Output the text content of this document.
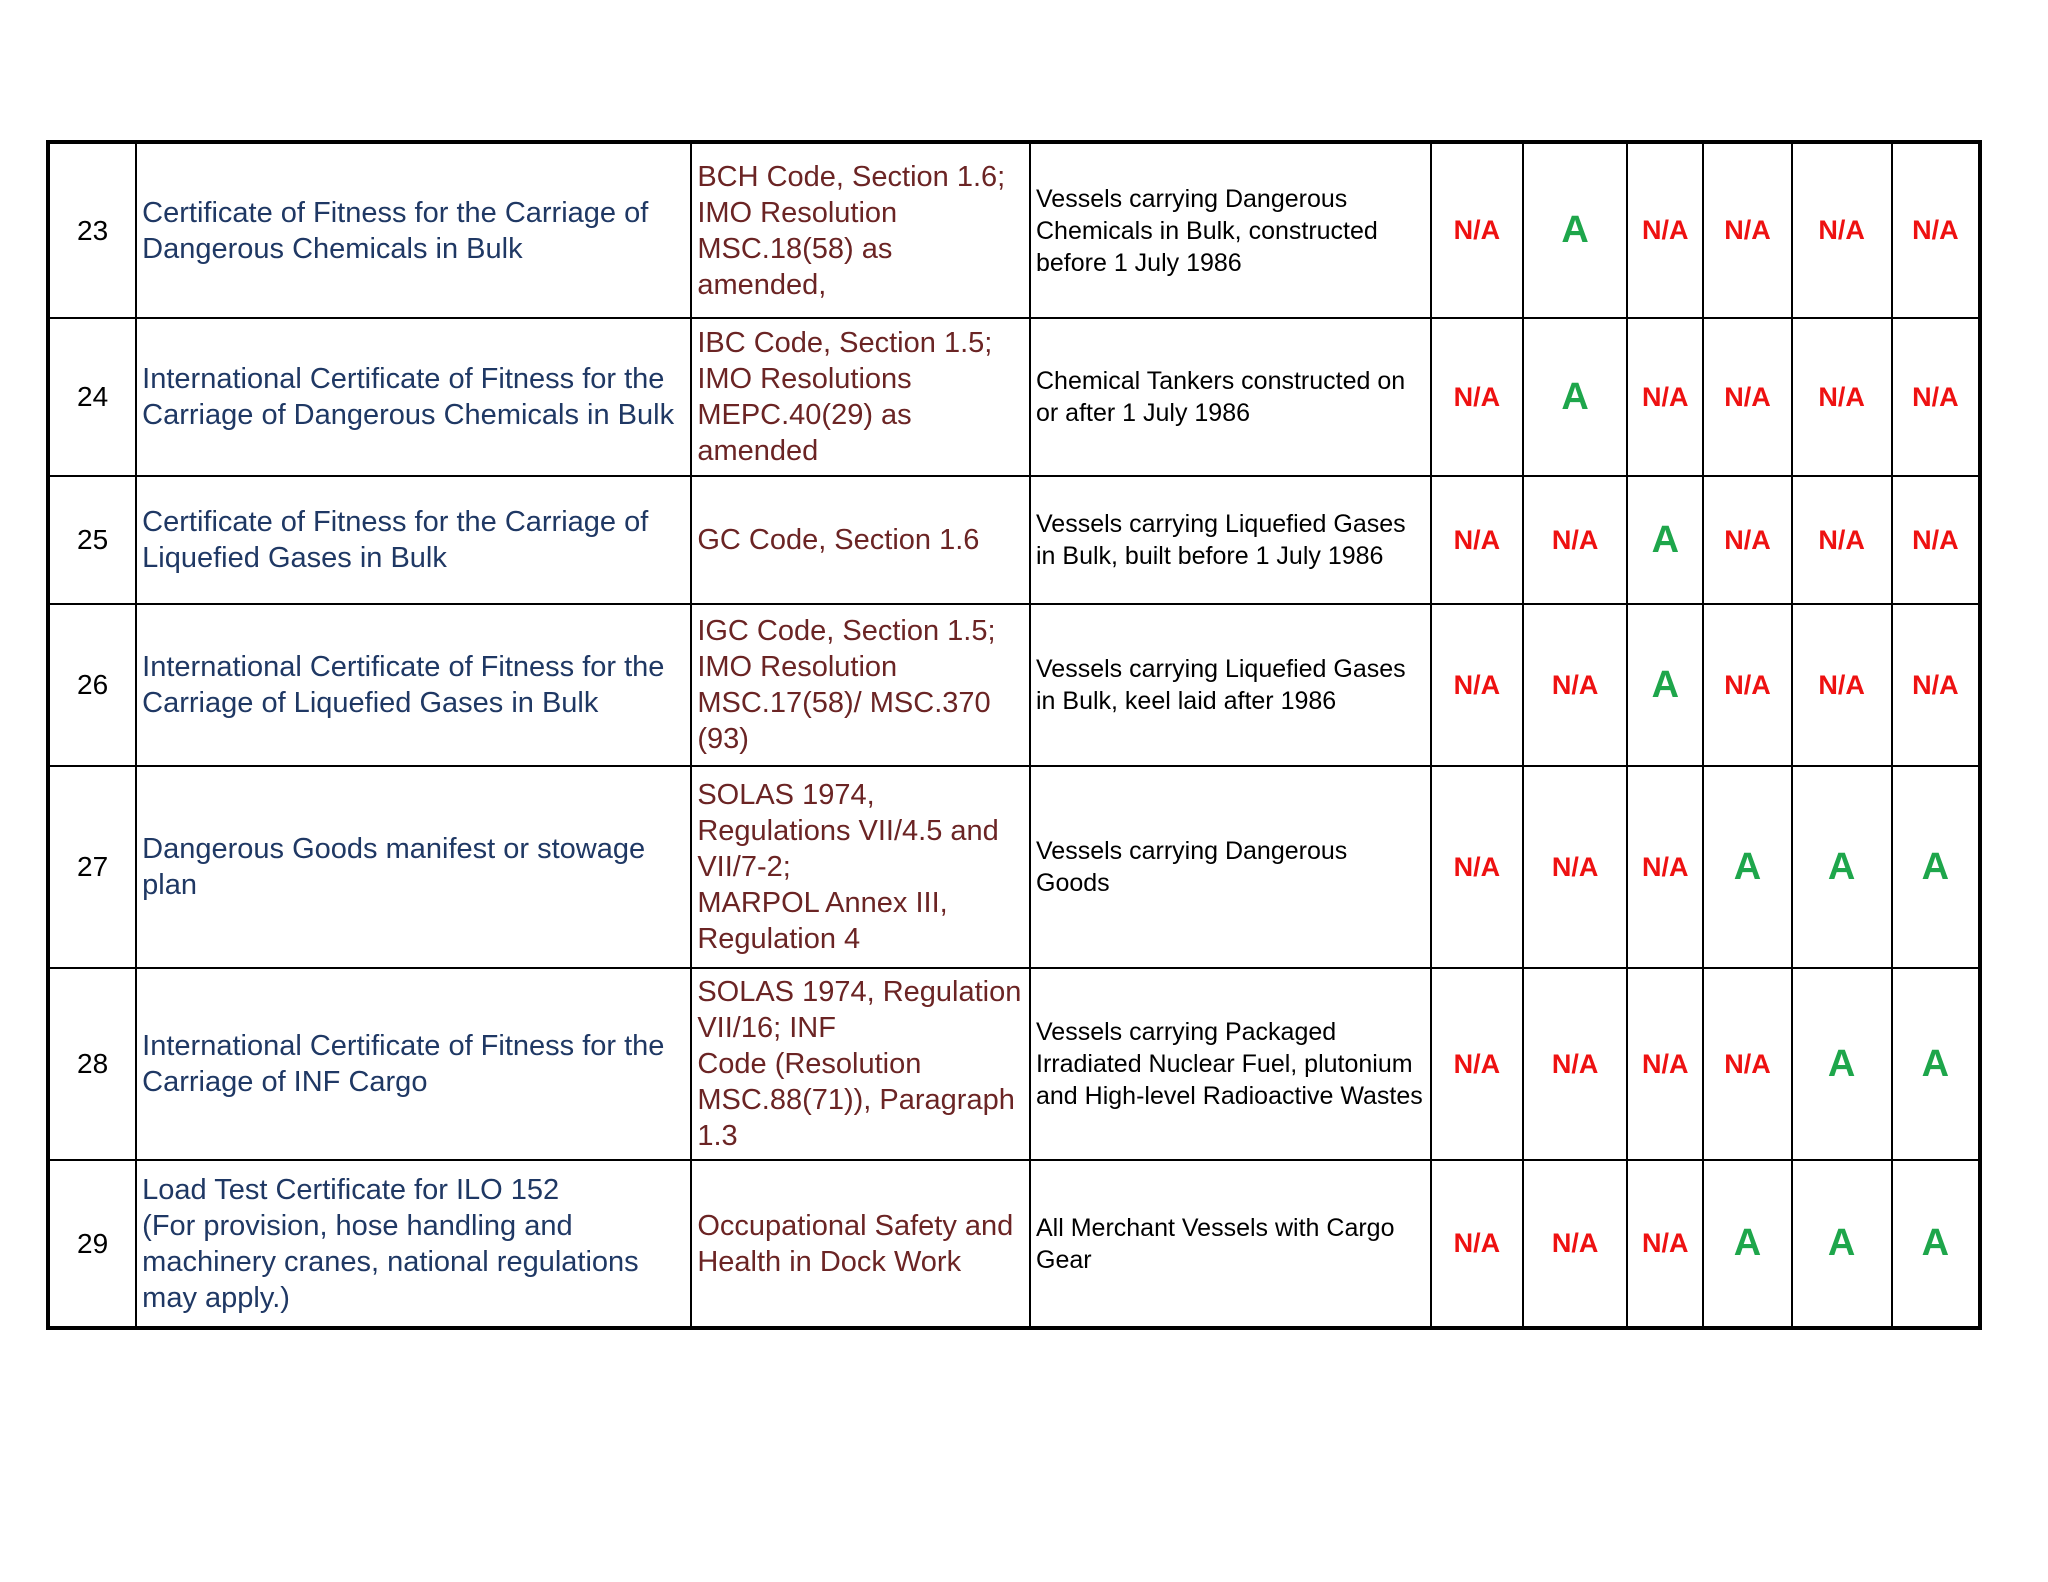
23	Certificate of Fitness for the Carriage of Dangerous Chemicals in Bulk	BCH Code, Section 1.6; IMO Resolution MSC.18(58) as amended,	Vessels carrying Dangerous Chemicals in Bulk, constructed before 1 July 1986	N/A	A	N/A	N/A	N/A	N/A
24	International Certificate of Fitness for the Carriage of Dangerous Chemicals in Bulk	IBC Code, Section 1.5; IMO Resolutions MEPC.40(29) as amended	Chemical Tankers constructed on or after 1 July 1986	N/A	A	N/A	N/A	N/A	N/A
25	Certificate of Fitness for the Carriage of Liquefied Gases in Bulk	GC Code, Section 1.6	Vessels carrying Liquefied Gases in Bulk, built before 1 July 1986	N/A	N/A	A	N/A	N/A	N/A
26	International Certificate of Fitness for the Carriage of Liquefied Gases in Bulk	IGC Code, Section 1.5; IMO Resolution MSC.17(58)/ MSC.370 (93)	Vessels carrying Liquefied Gases in Bulk, keel laid after 1986	N/A	N/A	A	N/A	N/A	N/A
27	Dangerous Goods manifest or stowage plan	SOLAS 1974, Regulations VII/4.5 and VII/7-2;
MARPOL Annex III, Regulation 4	Vessels carrying Dangerous Goods	N/A	N/A	N/A	A	A	A
28	International Certificate of Fitness for the Carriage of INF Cargo	SOLAS 1974, Regulation VII/16; INF
Code (Resolution MSC.88(71)), Paragraph 1.3	Vessels carrying Packaged Irradiated Nuclear Fuel, plutonium and High-level Radioactive Wastes	N/A	N/A	N/A	N/A	A	A
29	Load Test Certificate for ILO 152
(For provision, hose handling and machinery cranes, national regulations may apply.)	Occupational Safety and Health in Dock Work	All Merchant Vessels with Cargo Gear	N/A	N/A	N/A	A	A	A
